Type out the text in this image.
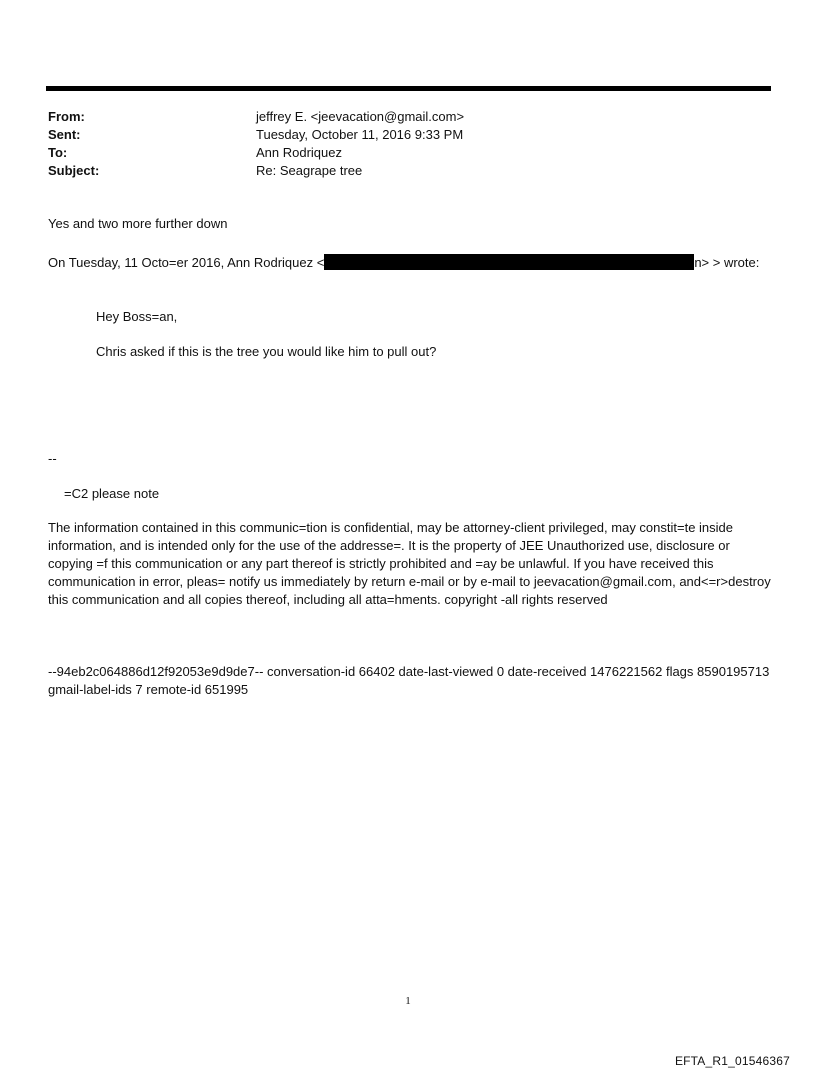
From:	jeffrey E. <jeevacation@gmail.com>
Sent:	Tuesday, October 11, 2016 9:33 PM
To:	Ann Rodriquez
Subject:	Re: Seagrape tree
Yes and two more further down
On Tuesday, 11 Octo=er 2016, Ann Rodriquez <	n> > wrote:
Hey Boss=an,
Chris asked if this is the tree you would like him to pull out?
--
=C2 please note
The information contained in this communic=tion is confidential, may be attorney-client privileged, may constit=te inside information, and is intended only for the use of the addresse=. It is the property of JEE Unauthorized use, disclosure or copying =f this communication or any part thereof is strictly prohibited and =ay be unlawful. If you have received this communication in error, pleas= notify us immediately by return e-mail or by e-mail to jeevacation@gmail.com, and<=r>destroy this communication and all copies thereof, including all atta=hments. copyright -all rights reserved
--94eb2c064886d12f92053e9d9de7-- conversation-id 66402 date-last-viewed 0 date-received 1476221562 flags 8590195713 gmail-label-ids 7 remote-id 651995
1
EFTA_R1_01546367
